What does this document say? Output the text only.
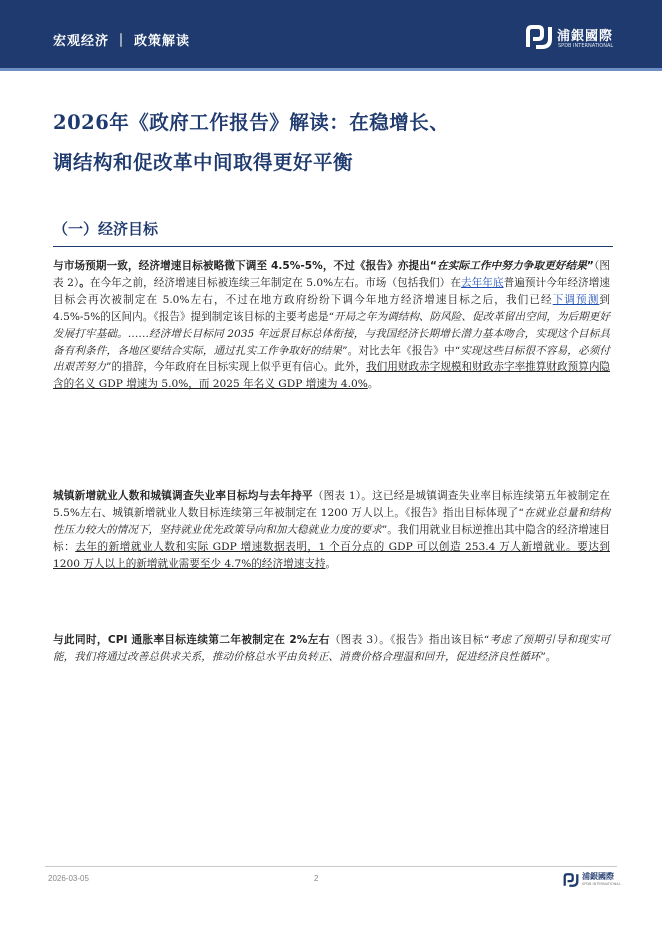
宏观经济 ｜ 政策解读	浦銀國際
SPDB INTERNATIONAL
2026年《政府工作报告》解读：在稳增长、
调结构和促改革中间取得更好平衡
（一）经济目标

与市场预期一致，经济增速目标被略微下调至 4.5%-5%，不过《报告》亦提出“在实际工作中努力争取更好结果”（图表 2）。在今年之前，经济增速目标被连续三年制定在 5.0%左右。市场（包括我们）在去年年底普遍预计今年经济增速目标会再次被制定在 5.0%左右，不过在地方政府纷纷下调今年地方经济增速目标之后，我们已经下调预测到 4.5%-5%的区间内。《报告》提到制定该目标的主要考虑是“开局之年为调结构、防风险、促改革留出空间，为后期更好发展打牢基础。……经济增长目标同 2035 年远景目标总体衔接，与我国经济长期增长潜力基本吻合，实现这个目标具备有利条件，各地区要结合实际，通过扎实工作争取好的结果”。对比去年《报告》中“实现这些目标很不容易，必须付出艰苦努力”的措辞，今年政府在目标实现上似乎更有信心。此外，我们用财政赤字规模和财政赤字率推算财政预算内隐含的名义 GDP 增速为 5.0%，而 2025 年名义 GDP 增速为 4.0%。

城镇新增就业人数和城镇调查失业率目标均与去年持平（图表 1）。这已经是城镇调查失业率目标连续第五年被制定在 5.5%左右、城镇新增就业人数目标连续第三年被制定在 1200 万人以上。《报告》指出目标体现了“在就业总量和结构性压力较大的情况下，坚持就业优先政策导向和加大稳就业力度的要求”。我们用就业目标逆推出其中隐含的经济增速目标：去年的新增就业人数和实际 GDP 增速数据表明，1 个百分点的 GDP 可以创造 253.4 万人新增就业。要达到 1200 万人以上的新增就业需要至少 4.7%的经济增速支持。

与此同时，CPI 通胀率目标连续第二年被制定在 2%左右（图表 3）。《报告》指出该目标“考虑了预期引导和现实可能，我们将通过改善总供求关系，推动价格总水平由负转正、消费价格合理温和回升，促进经济良性循环”。

2026-03-05	2	浦銀國際
SPDB INTERNATIONAL
